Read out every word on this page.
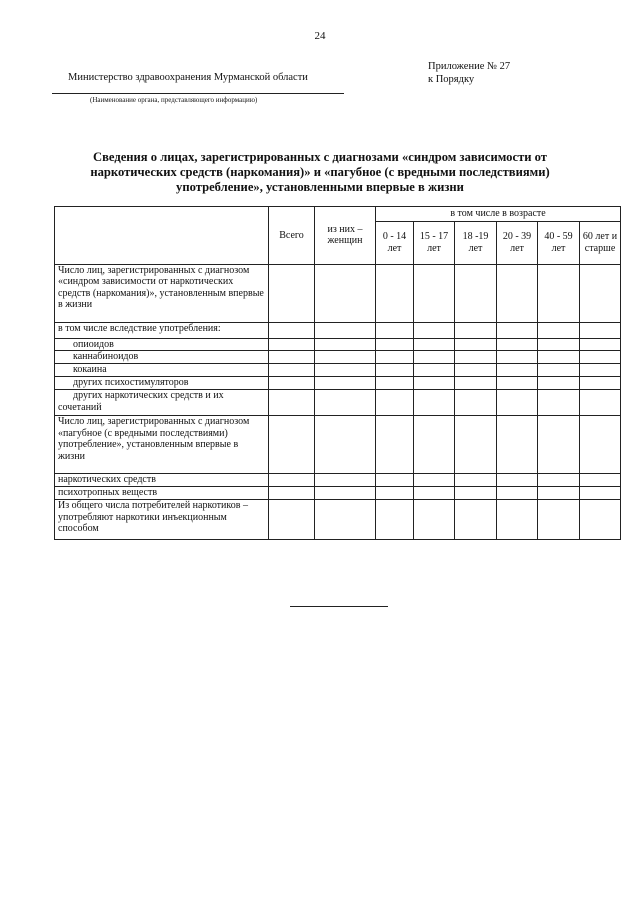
24
Приложение № 27
к Порядку
Министерство здравоохранения Мурманской области
(Наименование органа, представляющего информацию)
Сведения о лицах, зарегистрированных с диагнозами «синдром зависимости от
наркотических средств (наркомания)» и «пагубное (с вредными последствиями)
употребление», установленными впервые в жизни
	Всего	из них – женщин	в том числе в возрасте					
			0 - 14 лет	15 - 17 лет	18 -19 лет	20 - 39 лет	40 - 59 лет	60 лет и старше
Число лиц, зарегистрированных с диагнозом «синдром зависимости от наркотических средств (наркомания)», установленным впервые в жизни								
в том числе вследствие употребления:								
опиоидов								
каннабиноидов								
кокаина								
других психостимуляторов								
других наркотических средств и их сочетаний								
Число лиц, зарегистрированных с диагнозом «пагубное (с вредными последствиями) употребление», установленным впервые в жизни								
наркотических средств								
психотропных веществ								
Из общего числа потребителей наркотиков – употребляют наркотики инъекционным способом								
